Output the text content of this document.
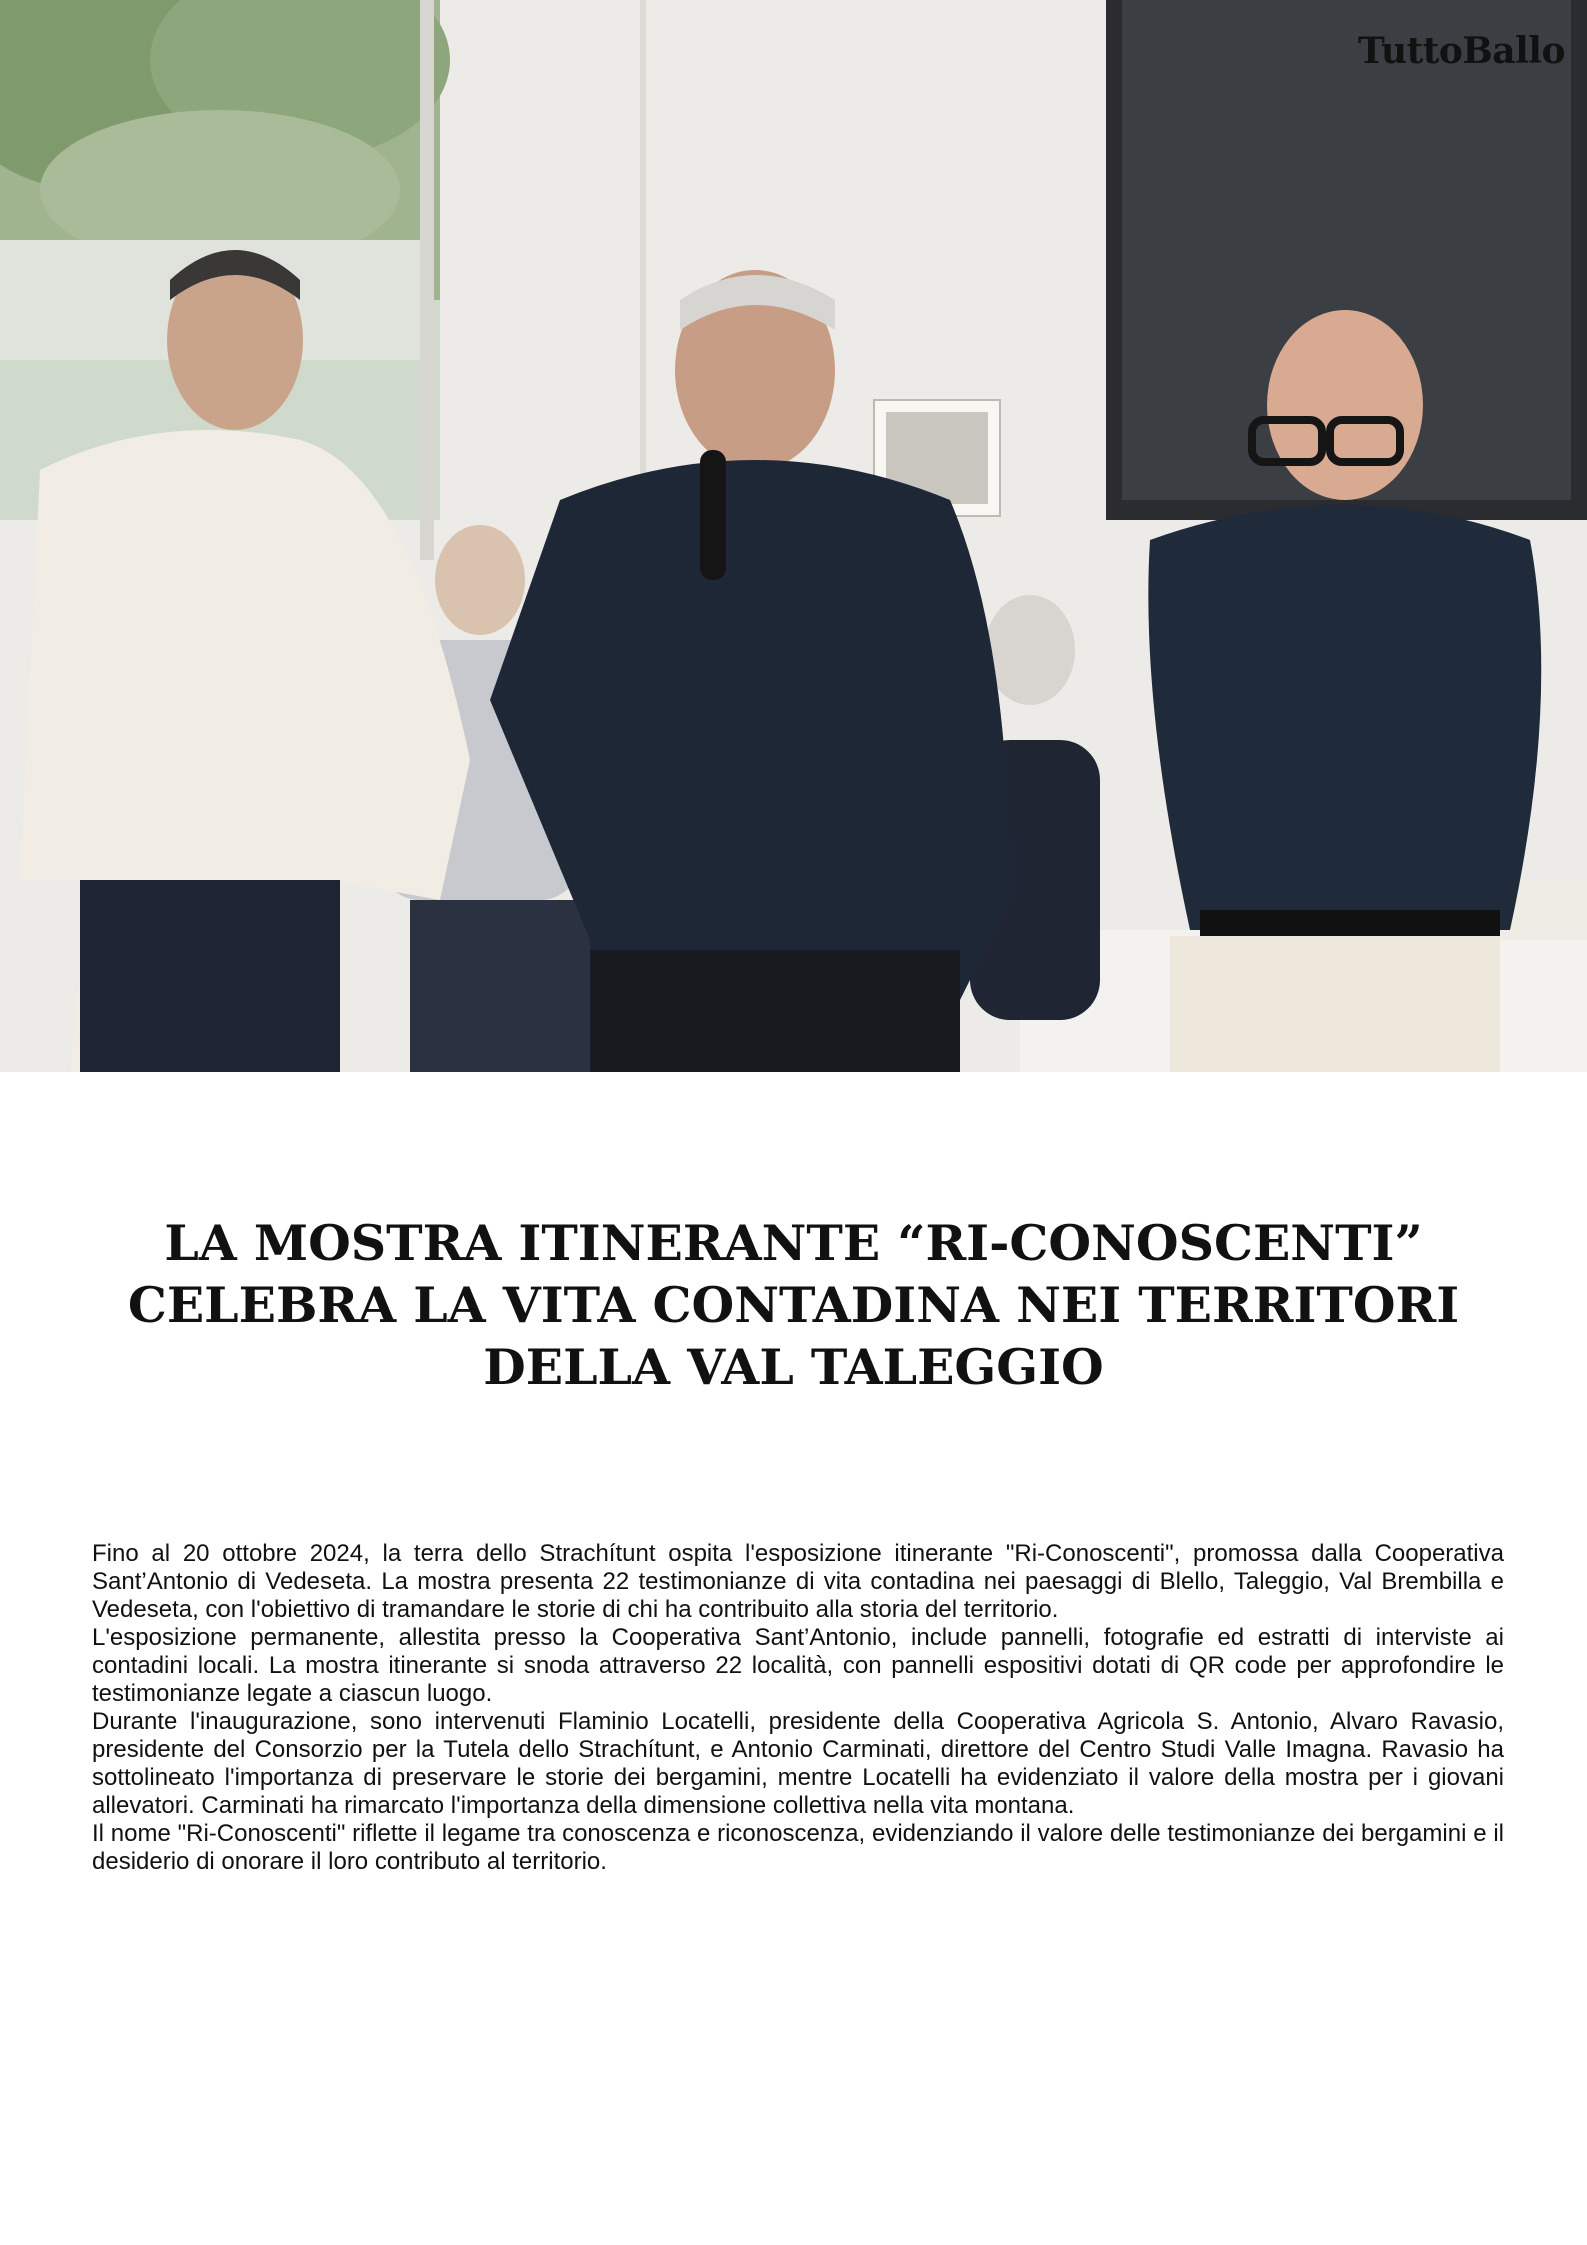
TuttoBallo
LA MOSTRA ITINERANTE “RI-CONOSCENTI”
CELEBRA LA VITA CONTADINA NEI TERRITORI
DELLA VAL TALEGGIO

Fino al 20 ottobre 2024, la terra dello Strachítunt ospita l'esposizione itinerante "Ri-Conoscenti", promossa dalla Cooperativa Sant’Antonio di Vedeseta. La mostra presenta 22 testimonianze di vita contadina nei paesaggi di Blello, Taleggio, Val Brembilla e Vedeseta, con l'obiettivo di tramandare le storie di chi ha contribuito alla storia del territorio.

L'esposizione permanente, allestita presso la Cooperativa Sant’Antonio, include pannelli, fotografie ed estratti di interviste ai contadini locali. La mostra itinerante si snoda attraverso 22 località, con pannelli espositivi dotati di QR code per approfondire le testimonianze legate a ciascun luogo.

Durante l'inaugurazione, sono intervenuti Flaminio Locatelli, presidente della Cooperativa Agricola S. Antonio, Alvaro Ravasio, presidente del Consorzio per la Tutela dello Strachítunt, e Antonio Carminati, direttore del Centro Studi Valle Imagna. Ravasio ha sottolineato l'importanza di preservare le storie dei bergamini, mentre Locatelli ha evidenziato il valore della mostra per i giovani allevatori. Carminati ha rimarcato l'importanza della dimensione collettiva nella vita montana.

Il nome "Ri-Conoscenti" riflette il legame tra conoscenza e riconoscenza, evidenziando il valore delle testimonianze dei bergamini e il desiderio di onorare il loro contributo al territorio.
